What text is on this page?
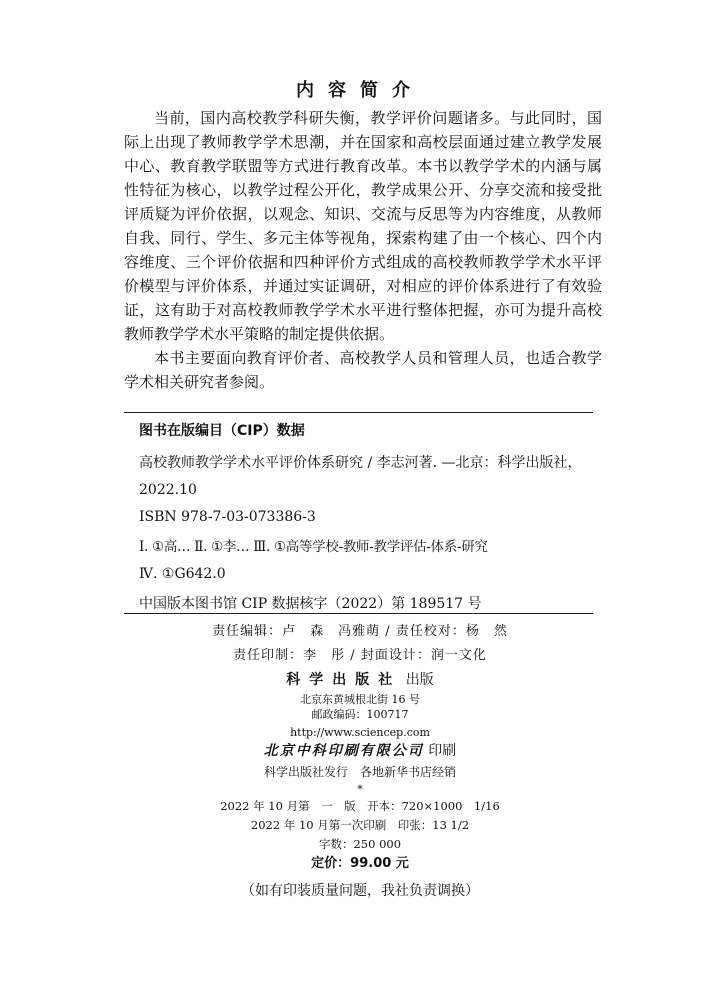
内容简介

当前，国内高校教学科研失衡，教学评价问题诸多。与此同时，国际上出现了教师教学学术思潮，并在国家和高校层面通过建立教学发展中心、教育教学联盟等方式进行教育改革。本书以教学学术的内涵与属性特征为核心，以教学过程公开化，教学成果公开、分享交流和接受批评质疑为评价依据，以观念、知识、交流与反思等为内容维度，从教师自我、同行、学生、多元主体等视角，探索构建了由一个核心、四个内容维度、三个评价依据和四种评价方式组成的高校教师教学学术水平评价模型与评价体系，并通过实证调研，对相应的评价体系进行了有效验证，这有助于对高校教师教学学术水平进行整体把握，亦可为提升高校教师教学学术水平策略的制定提供依据。

本书主要面向教育评价者、高校教学人员和管理人员，也适合教学学术相关研究者参阅。

图书在版编目（CIP）数据
高校教师教学学术水平评价体系研究 / 李志河著. —北京：科学出版社，
2022.10
ISBN 978-7-03-073386-3
Ⅰ. ①高… Ⅱ. ①李… Ⅲ. ①高等学校-教师-教学评估-体系-研究
Ⅳ. ①G642.0
中国版本图书馆 CIP 数据核字（2022）第 189517 号

责任编辑：卢　森　冯雅萌 / 责任校对：杨　然

责任印制：李　彤 / 封面设计：润一文化

科学出版社 出版

北京东黄城根北街 16 号

邮政编码：100717

http://www.sciencep.com

北京中科印刷有限公司 印刷

科学出版社发行　各地新华书店经销

*

2022 年 10 月第　一　版　开本：720×1000　1/16

2022 年 10 月第一次印刷　印张：13 1/2

字数：250 000

定价：99.00 元

（如有印装质量问题，我社负责调换）
